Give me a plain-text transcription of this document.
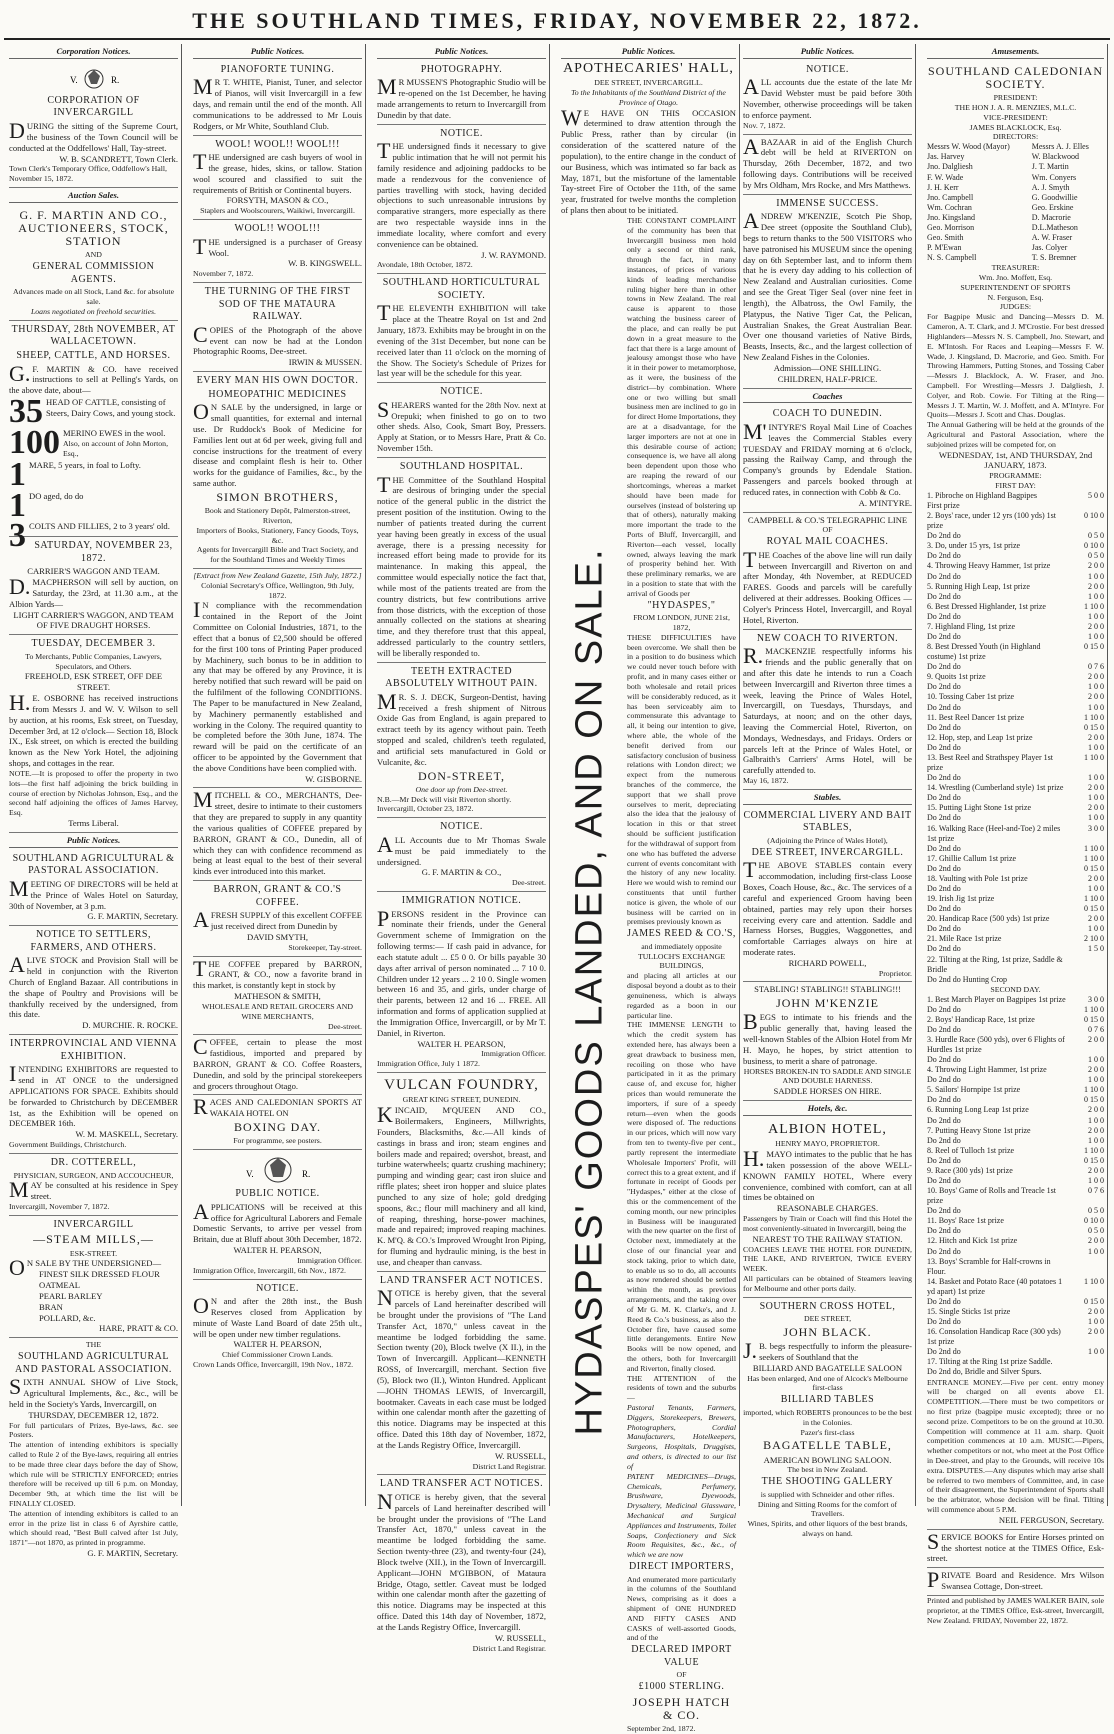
THE SOUTHLAND TIMES, FRIDAY, NOVEMBER 22, 1872.
Corporation Notices.
V.	R.
CORPORATION OF INVERCARGILL

DURING the sitting of the Supreme Court, the business of the Town Council will be conducted at the Oddfellows' Hall, Tay-street.

W. B. SCANDRETT, Town Clerk.
Town Clerk's Temporary Office, Oddfellow's Hall, November 15, 1872.
Auction Sales.
G. F. MARTIN AND CO., AUCTIONEERS, STOCK, STATION
AND
GENERAL COMMISSION AGENTS.
Advances made on all Stock, Land &c. for absolute sale.
Loans negotiated on freehold securities.
THURSDAY, 28th NOVEMBER, AT WALLACETOWN.
SHEEP, CATTLE, AND HORSES.

G.F. MARTIN & CO. have received instructions to sell at Pelling's Yards, on the above date, about—

35 HEAD OF CATTLE, consisting of Steers, Dairy Cows, and young stock.
100 MERINO EWES in the wool.
Also, on account of John Morton, Esq.,
1 MARE, 5 years, in foal to Lofty.
1 DO aged, do do
3 COLTS AND FILLIES, 2 to 3 years' old.
SATURDAY, NOVEMBER 23, 1872.
CARRIER'S WAGGON AND TEAM.

D.MACPHERSON will sell by auction, on Saturday, the 23rd, at 11.30 a.m., at the Albion Yards—

LIGHT CARRIER'S WAGGON, AND TEAM OF FIVE DRAUGHT HORSES.
TUESDAY, DECEMBER 3.
To Merchants, Public Companies, Lawyers, Speculators, and Others.
FREEHOLD, ESK STREET, OFF DEE STREET.

H.E. OSBORNE has received instructions from Messrs J. and W. V. Wilson to sell by auction, at his rooms, Esk street, on Tuesday, December 3rd, at 12 o'clock— Section 18, Block IX., Esk street, on which is erected the building known as the New York Hotel, the adjoining shops, and cottages in the rear.

NOTE.—It is proposed to offer the property in two lots—the first half adjoining the brick building in course of erection by Nicholas Johnson, Esq., and the second half adjoining the offices of James Harvey, Esq.

Terms Liberal.
Public Notices.
SOUTHLAND AGRICULTURAL & PASTORAL ASSOCIATION.

MEETING OF DIRECTORS will be held at the Prince of Wales Hotel on Saturday, 30th of November, at 3 p.m.

G. F. MARTIN, Secretary.
NOTICE TO SETTLERS, FARMERS, AND OTHERS.

ALIVE STOCK and Provision Stall will be held in conjunction with the Riverton Church of England Bazaar. All contributions in the shape of Poultry and Provisions will be thankfully received by the undersigned, from this date.

D. MURCHIE. R. ROCKE.
INTERPROVINCIAL AND VIENNA EXHIBITION.

INTENDING EXHIBITORS are requested to send in AT ONCE to the undersigned APPLICATIONS FOR SPACE. Exhibits should be forwarded to Christchurch by DECEMBER 1st, as the Exhibition will be opened on DECEMBER 16th.

W. M. MASKELL, Secretary.
Government Buildings, Christchurch.
DR. COTTERELL,
PHYSICIAN, SURGEON, AND ACCOUCHEUR,

MAY be consulted at his residence in Spey street.

Invercargill, November 7, 1872.
INVERCARGILL
—STEAM MILLS,—
ESK-STREET.
ON SALE BY THE UNDERSIGNED—
FINEST SILK DRESSED FLOUR
OATMEAL
PEARL BARLEY
BRAN
POLLARD, &c.
HARE, PRATT & CO.
THE
SOUTHLAND AGRICULTURAL AND PASTORAL ASSOCIATION.

SIXTH ANNUAL SHOW of Live Stock, Agricultural Implements, &c., &c., will be held in the Society's Yards, Invercargill, on

THURSDAY, DECEMBER 12, 1872.

For full particulars of Prizes, Bye-laws, &c. see Posters.

The attention of intending exhibitors is specially called to Rule 2 of the Bye-laws, requiring all entries to be made three clear days before the day of Show, which rule will be STRICTLY ENFORCED; entries therefore will be received up till 6 p.m. on Monday, December 9th, at which time the list will be FINALLY CLOSED.

The attention of intending exhibitors is called to an error in the prize list in class 6 of Ayrshire cattle, which should read, "Best Bull calved after 1st July, 1871"—not 1870, as printed in programme.

G. F. MARTIN, Secretary.
Public Notices.
PIANOFORTE TUNING.

MR T. WHITE, Pianist, Tuner, and selector of Pianos, will visit Invercargill in a few days, and remain until the end of the month. All communications to be addressed to Mr Louis Rodgers, or Mr White, Southland Club.

WOOL! WOOL!! WOOL!!!

THE undersigned are cash buyers of wool in the grease, hides, skins, or tallow. Station wool scoured and classified to suit the requirements of British or Continental buyers.

FORSYTH, MASON & CO.,
Staplers and Woolscourers, Waikiwi, Invercargill.
WOOL!! WOOL!!!

THE undersigned is a purchaser of Greasy Wool.

W. B. KINGSWELL.
November 7, 1872.
THE TURNING OF THE FIRST SOD OF THE MATAURA RAILWAY.

COPIES of the Photograph of the above event can now be had at the London Photographic Rooms, Dee-street.

IRWIN & MUSSEN.
EVERY MAN HIS OWN DOCTOR.
HOMEOPATHIC MEDICINES

ON SALE by the undersigned, in large or small quantities, for external and internal use. Dr Ruddock's Book of Medicine for Families lent out at 6d per week, giving full and concise instructions for the treatment of every disease and complaint flesh is heir to. Other works for the guidance of Families, &c., by the same author.

SIMON BROTHERS,
Book and Stationery Depôt, Palmerston-street, Riverton,
Importers of Books, Stationery, Fancy Goods, Toys, &c.
Agents for Invercargill Bible and Tract Society, and for the Southland Times and Weekly Times
[Extract from New Zealand Gazette, 15th July, 1872.]
Colonial Secretary's Office, Wellington, 9th July, 1872.

IN compliance with the recommendation contained in the Report of the Joint Committee on Colonial Industries, 1871, to the effect that a bonus of £2,500 should be offered for the first 100 tons of Printing Paper produced by Machinery, such bonus to be in addition to any that may be offered by any Province, it is hereby notified that such reward will be paid on the fulfilment of the following CONDITIONS. The Paper to be manufactured in New Zealand, by Machinery permanently established and working in the Colony. The required quantity to be completed before the 30th June, 1874. The reward will be paid on the certificate of an officer to be appointed by the Government that the above Conditions have been complied with.

W. GISBORNE.

MITCHELL & CO., MERCHANTS, Dee-street, desire to intimate to their customers that they are prepared to supply in any quantity the various qualities of COFFEE prepared by BARRON, GRANT & CO., Dunedin, all of which they can with confidence recommend as being at least equal to the best of their several kinds ever introduced into this market.

BARRON, GRANT & CO.'S COFFEE.

AFRESH SUPPLY of this excellent COFFEE just received direct from Dunedin by

DAVID SMYTH,
Storekeeper, Tay-street.

THE COFFEE prepared by BARRON, GRANT, & CO., now a favorite brand in this market, is constantly kept in stock by

MATHESON & SMITH,
WHOLESALE AND RETAIL GROCERS AND WINE MERCHANTS,
Dee-street.

COFFEE, certain to please the most fastidious, imported and prepared by BARRON, GRANT & CO. Coffee Roasters, Dunedin, and sold by the principal storekeepers and grocers throughout Otago.

RACES AND CALEDONIAN SPORTS AT WAKAIA HOTEL ON

BOXING DAY.
For programme, see posters.
V.	R.
PUBLIC NOTICE.

APPLICATIONS will be received at this office for Agricultural Laborers and Female Domestic Servants, to arrive per vessel from Britain, due at Bluff about 30th December, 1872.

WALTER H. PEARSON,
Immigration Officer.
Immigration Office, Invercargill, 6th Nov., 1872.
NOTICE.

ON and after the 28th inst., the Bush Reserves closed from Application by minute of Waste Land Board of date 25th ult., will be open under new timber regulations.

WALTER H. PEARSON,
Chief Commissioner Crown Lands.
Crown Lands Office, Invercargill, 19th Nov., 1872.
Public Notices.
PHOTOGRAPHY.

MR MUSSEN'S Photographic Studio will be re-opened on the 1st December, he having made arrangements to return to Invercargill from Dunedin by that date.

NOTICE.

THE undersigned finds it necessary to give public intimation that he will not permit his family residence and adjoining paddocks to be made a rendezvous for the convenience of parties travelling with stock, having decided objections to such unreasonable intrusions by comparative strangers, more especially as there are two respectable wayside inns in the immediate locality, where comfort and every convenience can be obtained.

J. W. RAYMOND.
Avondale, 18th October, 1872.
SOUTHLAND HORTICULTURAL SOCIETY.

THE ELEVENTH EXHIBITION will take place at the Theatre Royal on 1st and 2nd January, 1873. Exhibits may be brought in on the evening of the 31st December, but none can be received later than 11 o'clock on the morning of the Show. The Society's Schedule of Prizes for last year will be the schedule for this year.

NOTICE.

SHEARERS wanted for the 28th Nov. next at Orepuki; when finished to go on to two other sheds. Also, Cook, Smart Boy, Pressers. Apply at Station, or to Messrs Hare, Pratt & Co. November 15th.

SOUTHLAND HOSPITAL.

THE Committee of the Southland Hospital are desirous of bringing under the special notice of the general public in the district the present position of the institution. Owing to the number of patients treated during the current year having been greatly in excess of the usual average, there is a pressing necessity for increased effort being made to provide for its maintenance. In making this appeal, the committee would especially notice the fact that, while most of the patients treated are from the country districts, but few contributions arrive from those districts, with the exception of those annually collected on the stations at shearing time, and they therefore trust that this appeal, addressed particularly to the country settlers, will be liberally responded to.

TEETH EXTRACTED ABSOLUTELY WITHOUT PAIN.

MR. S. J. DECK, Surgeon-Dentist, having received a fresh shipment of Nitrous Oxide Gas from England, is again prepared to extract teeth by its agency without pain. Teeth stopped and scaled, children's teeth regulated, and artificial sets manufactured in Gold or Vulcanite, &c.

DON-STREET,
One door up from Dee-street.
N.B.—Mr Deck will visit Riverton shortly. Invercargill, October 23, 1872.
NOTICE.

ALL Accounts due to Mr Thomas Swale must be paid immediately to the undersigned.

G. F. MARTIN & CO.,
Dee-street.
IMMIGRATION NOTICE.

PERSONS resident in the Province can nominate their friends, under the General Government scheme of Immigration on the following terms:— If cash paid in advance, for each statute adult ... £5 0 0. Or bills payable 30 days after arrival of person nominated ... 7 10 0. Children under 12 years ... 2 10 0. Single women between 16 and 35, and girls, under charge of their parents, between 12 and 16 ... FREE. All information and forms of application supplied at the Immigration Office, Invercargill, or by Mr T. Daniel, in Riverton.

WALTER H. PEARSON,
Immigration Officer.
Immigration Office, July 1 1872.
VULCAN FOUNDRY,
GREAT KING STREET, DUNEDIN.

KINCAID, M'QUEEN AND CO., Boilermakers, Engineers, Millwrights, Founders, Blacksmiths, &c.—All kinds of castings in brass and iron; steam engines and boilers made and repaired; overshot, breast, and turbine waterwheels; quartz crushing machinery; pumping and winding gear; cast iron sluice and riffle plates; sheet iron hopper and sluice plates punched to any size of hole; gold dredging spoons, &c.; flour mill machinery and all kind, of reaping, threshing, horse-power machines, made and repaired; improved reaping machines. K. M'Q. & CO.'s Improved Wrought Iron Piping, for fluming and hydraulic mining, is the best in use, and cheaper than canvass.

LAND TRANSFER ACT NOTICES.

NOTICE is hereby given, that the several parcels of Land hereinafter described will be brought under the provisions of "The Land Transfer Act, 1870," unless caveat in the meantime be lodged forbidding the same. Section twenty (20), Block twelve (X II.), in the Town of Invercargill. Applicant—KENNETH ROSS, of Invercargill, merchant. Section five (5), Block two (II.), Winton Hundred. Applicant—JOHN THOMAS LEWIS, of Invercargill, bootmaker. Caveats in each case must be lodged within one calendar month after the gazetting of this notice. Diagrams may be inspected at this office. Dated this 18th day of November, 1872, at the Lands Registry Office, Invercargill.

W. RUSSELL,
District Land Registrar.
LAND TRANSFER ACT NOTICES.

NOTICE is hereby given, that the several parcels of Land hereinafter described will be brought under the provisions of "The Land Transfer Act, 1870," unless caveat in the meantime be lodged forbidding the same. Section twenty-three (23), and twenty-four (24), Block twelve (XII.), in the Town of Invercargill. Applicant—JOHN M'GIBBON, of Mataura Bridge, Otago, settler. Caveat must be lodged within one calendar month after the gazetting of this notice. Diagrams may be inspected at this office. Dated this 14th day of November, 1872, at the Lands Registry Office, Invercargill.

W. RUSSELL,
District Land Registrar.
Public Notices.
APOTHECARIES' HALL,
DEE STREET, INVERCARGILL.
To the Inhabitants of the Southland District of the Province of Otago.

WE HAVE ON THIS OCCASION determined to draw attention through the Public Press, rather than by circular (in consideration of the scattered nature of the population), to the entire change in the conduct of our Business, which was intimated so far back as May, 1871, but the misfortune of the lamentable Tay-street Fire of October the 11th, of the same year, frustrated for twelve months the completion of plans then about to be initiated.

THE CONSTANT COMPLAINT of the community has been that Invercargill business men hold only a second or third rank, through the fact, in many instances, of prices of various kinds of leading merchandise ruling higher here than in other towns in New Zealand. The real cause is apparent to those watching the business career of the place, and can really be put down in a great measure to the fact that there is a large amount of jealousy amongst those who have it in their power to metamorphose, as it were, the business of the district—by combination. Where one or two willing but small business men are inclined to go in for direct Home Importations, they are at a disadvantage, for the larger importers are not at one in this desirable course of action; consequence is, we have all along been dependent upon those who are reaping the reward of our shortcomings, whereas a market should have been made for ourselves (instead of bolstering up that of others), naturally making more important the trade to the Ports of Bluff, Invercargill, and Riverton—each vessel, locally owned, always leaving the mark of prosperity behind her. With these preliminary remarks, we are in a position to state that with the arrival of Goods per

"HYDASPES,"
FROM LONDON, JUNE 21st, 1872,

THESE DIFFICULTIES have been overcome. We shall then be in a position to do business which we could never touch before with profit, and in many cases either or both wholesale and retail prices will be considerably reduced, as it has been serviceably aim to commensurate this advantage to all, it being our intention to give, where able, the whole of the benefit derived from our satisfactory conclusion of business relations with London direct; we expect from the numerous branches of the commerce, the support that we shall prove ourselves to merit, depreciating also the idea that the jealousy of location in this or that street should be sufficient justification for the withdrawal of support from one who has buffeted the adverse current of events concomitant with the history of any new locality. Here we would wish to remind our constituents that until further notice is given, the whole of our business will be carried on in premises previously known as

JAMES REED & CO.'S,
and immediately opposite
TULLOCH'S EXCHANGE BUILDINGS,

and placing all articles at our disposal beyond a doubt as to their genuineness, which is always regarded as a boon in our particular line.

THE IMMENSE LENGTH to which the credit system has extended here, has always been a great drawback to business men, recoiling on those who have participated in it as the primary cause of, and excuse for, higher prices than would remunerate the importers, if sure of a speedy return—even when the goods were disposed of. The reductions in our prices, which will now vary from ten to twenty-five per cent., partly represent the intermediate Wholesale Importers' Profit, will correct this to a great extent, and if fortunate in receipt of Goods per "Hydaspes," either at the close of this or the commencement of the coming month, our new principles in Business will be inaugurated with the new quarter on the first of October next, immediately at the close of our financial year and stock taking, prior to which date, to enable us so to do, all accounts as now rendered should be settled within the month, as previous arrangements, and the taking over of Mr G. M. K. Clarke's, and J. Reed & Co.'s business, as also the October fire, have caused some little derangements. Entire New Books will be now opened, and the others, both for Invercargill and Riverton, finally closed.

THE ATTENTION of the residents of town and the suburbs—

Pastoral Tenants, Farmers, Diggers, Storekeepers, Brewers, Photographers, Cordial Manufacturers, Hotelkeepers, Surgeons, Hospitals, Druggists, and others, is directed to our list of

PATENT MEDICINES—Drugs, Chemicals, Perfumery, Brushware, Dyewoods, Drysaltery, Medicinal Glassware, Mechanical and Surgical Appliances and Instruments, Toilet Soaps, Confectionery and Sick Room Requisites, &c., &c., of which we are now

DIRECT IMPORTERS,

And enumerated more particularly in the columns of the Southland News, comprising as it does a shipment of ONE HUNDRED AND FIFTY CASES AND CASKS of well-assorted Goods, and of the

DECLARED IMPORT VALUE
OF
£1000 STERLING.
JOSEPH HATCH & CO.
September 2nd, 1872.
HYDASPES' GOODS LANDED, AND ON SALE.
Public Notices.
NOTICE.

ALL accounts due the estate of the late Mr David Webster must be paid before 30th November, otherwise proceedings will be taken to enforce payment.

Nov. 7, 1872.

ABAZAAR in aid of the English Church debt will be held at RIVERTON on Thursday, 26th December, 1872, and two following days. Contributions will be received by Mrs Oldham, Mrs Rocke, and Mrs Matthews.

IMMENSE SUCCESS.

ANDREW M'KENZIE, Scotch Pie Shop, Dee street (opposite the Southland Club), begs to return thanks to the 500 VISITORS who have patronised his MUSEUM since the opening day on 6th September last, and to inform them that he is every day adding to his collection of New Zealand and Australian curiosities. Come and see the Great Tiger Seal (over nine feet in length), the Albatross, the Owl Family, the Platypus, the Native Tiger Cat, the Pelican, Australian Snakes, the Great Australian Bear. Over one thousand varieties of Native Birds, Beasts, Insects, &c., and the largest collection of New Zealand Fishes in the Colonies.

Admission—ONE SHILLING.
CHILDREN, HALF-PRICE.
Coaches
COACH TO DUNEDIN.

M'INTYRE'S Royal Mail Line of Coaches leaves the Commercial Stables every TUESDAY and FRIDAY morning at 6 o'clock, passing the Railway Camp, and through the Company's grounds by Edendale Station. Passengers and parcels booked through at reduced rates, in connection with Cobb & Co.

A. M'INTYRE.
CAMPBELL & CO.'S TELEGRAPHIC LINE
OF
ROYAL MAIL COACHES.

THE Coaches of the above line will run daily between Invercargill and Riverton on and after Monday, 4th November, at REDUCED FARES. Goods and parcels will be carefully delivered at their addresses. Booking Offices — Colyer's Princess Hotel, Invercargill, and Royal Hotel, Riverton.

NEW COACH TO RIVERTON.

R.MACKENZIE respectfully informs his friends and the public generally that on and after this date he intends to run a Coach between Invercargill and Riverton three times a week, leaving the Prince of Wales Hotel, Invercargill, on Tuesdays, Thursdays, and Saturdays, at noon; and on the other days, leaving the Commercial Hotel, Riverton, on Mondays, Wednesdays, and Fridays. Orders or parcels left at the Prince of Wales Hotel, or Galbraith's Carriers' Arms Hotel, will be carefully attended to.

May 16, 1872.
Stables.
COMMERCIAL LIVERY AND BAIT STABLES,
(Adjoining the Prince of Wales Hotel),
DEE STREET, INVERCARGILL.

THE ABOVE STABLES contain every accommodation, including first-class Loose Boxes, Coach House, &c., &c. The services of a careful and experienced Groom having been obtained, parties may rely upon their horses receiving every care and attention. Saddle and Harness Horses, Buggies, Waggonettes, and comfortable Carriages always on hire at moderate rates.

RICHARD POWELL,
Proprietor.
STABLING! STABLING!! STABLING!!!
JOHN M'KENZIE

BEGS to intimate to his friends and the public generally that, having leased the well-known Stables of the Albion Hotel from Mr H. Mayo, he hopes, by strict attention to business, to merit a share of patronage.

HORSES BROKEN-IN TO SADDLE AND SINGLE AND DOUBLE HARNESS.
SADDLE HORSES ON HIRE.
Hotels, &c.
ALBION HOTEL,
HENRY MAYO, PROPRIETOR.

H.MAYO intimates to the public that he has taken possession of the above WELL-KNOWN FAMILY HOTEL, Where every convenience, combined with comfort, can at all times be obtained on

REASONABLE CHARGES.

Passengers by Train or Coach will find this Hotel the most conveniently-situated in Invercargill, being the

NEAREST TO THE RAILWAY STATION.

COACHES LEAVE THE HOTEL FOR DUNEDIN, THE LAKE, AND RIVERTON, TWICE EVERY WEEK.

All particulars can be obtained of Steamers leaving for Melbourne and other ports daily.

SOUTHERN CROSS HOTEL,
DEE STREET,
JOHN BLACK.

J.B. begs respectfully to inform the pleasure-seekers of Southland that the

BILLIARD AND BAGATELLE SALOON
Has been enlarged, And one of Alcock's Melbourne first-class
BILLIARD TABLES
imported, which ROBERTS pronounces to be the best in the Colonies.
Pazer's first-class
BAGATELLE TABLE,
AMERICAN BOWLING SALOON.
The best in New Zealand.
THE SHOOTING GALLERY
is supplied with Schneider and other rifles.
Dining and Sitting Rooms for the comfort of Travellers.
Wines, Spirits, and other liquors of the best brands, always on hand.
Amusements.
SOUTHLAND CALEDONIAN SOCIETY.
PRESIDENT:
THE HON J. A. R. MENZIES, M.L.C.
VICE-PRESIDENT:
JAMES BLACKLOCK, Esq.
DIRECTORS:
Messrs W. Wood (Mayor)	Messrs A. J. Elles
Jas. Harvey	W. Blackwood
Jno. Dalgliesh	J. T. Martin
F. W. Wade	Wm. Conyers
J. H. Kerr	A. J. Smyth
Jno. Campbell	G. Goodwillie
Wm. Cochran	Geo. Erskine
Jno. Kingsland	D. Macrorie
Geo. Morrison	D.L.Matheson
Geo. Smith	A. W. Fraser
P. M'Ewan	Jas. Colyer
N. S. Campbell	T. S. Bremner
TREASURER:
Wm. Jno. Moffett, Esq.
SUPERINTENDENT OF SPORTS
N. Ferguson, Esq.
JUDGES:

For Bagpipe Music and Dancing—Messrs D. M. Cameron, A. T. Clark, and J. M'Crostie. For best dressed Highlanders—Messrs N. S. Campbell, Jno. Stewart, and E. M'Intosh. For Races and Leaping—Messrs F. W. Wade, J. Kingsland, D. Macrorie, and Geo. Smith. For Throwing Hammers, Putting Stones, and Tossing Caber—Messrs J. Blacklock, A. W. Fraser, and Jno. Campbell. For Wrestling—Messrs J. Dalgliesh, J. Colyer, and Rob. Cowie. For Tilting at the Ring—Messrs J. T. Martin, W. J. Moffett, and A. M'Intyre. For Quoits—Messrs J. Scott and Chas. Douglas.

The Annual Gathering will be held at the grounds of the Agricultural and Pastoral Association, where the subjoined prizes will be competed for, on

WEDNESDAY, 1st, AND THURSDAY, 2nd JANUARY, 1873.
PROGRAMME:
FIRST DAY:
1. Pibroche on Highland Bagpipes	5 0 0
First prize	
2. Boys' race, under 12 yrs (100 yds) 1st prize	0 10 0
Do 2nd do	0 5 0
3. Do, under 15 yrs, 1st prize	0 10 0
Do 2nd do	0 5 0
4. Throwing Heavy Hammer, 1st prize	2 0 0
Do 2nd do	1 0 0
5. Running High Leap, 1st prize	2 0 0
Do 2nd do	1 0 0
6. Best Dressed Highlander, 1st prize	1 10 0
Do 2nd do	1 0 0
7. Highland Fling, 1st prize	2 0 0
Do 2nd do	1 0 0
8. Best Dressed Youth (in Highland costume) 1st prize	0 15 0
Do 2nd do	0 7 6
9. Quoits 1st prize	2 0 0
Do 2nd do	1 0 0
10. Tossing Caber 1st prize	2 0 0
Do 2nd do	1 0 0
11. Best Reel Dancer 1st prize	1 10 0
Do 2nd do	0 15 0
12. Hop, step, and Leap 1st prize	2 0 0
Do 2nd do	1 0 0
13. Best Reel and Strathspey Player 1st prize	1 10 0
Do 2nd do	1 0 0
14. Wrestling (Cumberland style) 1st prize	2 0 0
Do 2nd do	1 0 0
15. Putting Light Stone 1st prize	2 0 0
Do 2nd do	1 0 0
16. Walking Race (Heel-and-Toe) 2 miles 1st prize	3 0 0
Do 2nd do	1 10 0
17. Ghillie Callum 1st prize	1 10 0
Do 2nd do	0 15 0
18. Vaulting with Pole 1st prize	2 0 0
Do 2nd do	1 0 0
19. Irish Jig 1st prize	1 10 0
Do 2nd do	0 15 0
20. Handicap Race (500 yds) 1st prize	2 0 0
Do 2nd do	1 0 0
21. Mile Race 1st prize	2 10 0
Do 2nd do	1 5 0
22. Tilting at the Ring, 1st prize, Saddle & Bridle	
Do 2nd do Hunting Crop	
SECOND DAY.
1. Best March Player on Bagpipes 1st prize	3 0 0
Do 2nd do	1 10 0
2. Boys' Handicap Race, 1st prize	0 15 0
Do 2nd do	0 7 6
3. Hurdle Race (500 yds), over 6 Flights of Hurdles 1st prize	2 0 0
Do 2nd do	1 0 0
4. Throwing Light Hammer, 1st prize	2 0 0
Do 2nd do	1 0 0
5. Sailors' Hornpipe 1st prize	1 10 0
Do 2nd do	0 15 0
6. Running Long Leap 1st prize	2 0 0
Do 2nd do	1 0 0
7. Putting Heavy Stone 1st prize	2 0 0
Do 2nd do	1 0 0
8. Reel of Tulloch 1st prize	1 10 0
Do 2nd do	0 15 0
9. Race (300 yds) 1st prize	2 0 0
Do 2nd do	1 0 0
10. Boys' Game of Rolls and Treacle 1st prize	0 7 6
Do 2nd do	0 5 0
11. Boys' Race 1st prize	0 10 0
Do 2nd do	0 5 0
12. Hitch and Kick 1st prize	2 0 0
Do 2nd do	1 0 0
13. Boys' Scramble for Half-crowns in Flour.	
14. Basket and Potato Race (40 potatoes 1 yd apart) 1st prize	1 10 0
Do 2nd do	0 15 0
15. Single Sticks 1st prize	2 0 0
Do 2nd do	1 0 0
16. Consolation Handicap Race (300 yds) 1st prize	2 0 0
Do 2nd do	1 0 0
17. Tilting at the Ring 1st prize Saddle.	
Do 2nd do, Bridle and Silver Spurs.	

ENTRANCE MONEY.—Five per cent. entry money will be charged on all events above £1. COMPETITION.—There must be two competitors or no first prize (bagpipe music excepted); three or no second prize. Competitors to be on the ground at 10.30. Competition will commence at 11 a.m. sharp. Quoit competition commences at 10 a.m. MUSIC.—Pipers, whether competitors or not, who meet at the Post Office in Dee-street, and play to the Grounds, will receive 10s extra. DISPUTES.—Any disputes which may arise shall be referred to two members of Committee, and, in case of their disagreement, the Superintendent of Sports shall be the arbitrator, whose decision will be final. Tilting will commence about 5 P.M.

NEIL FERGUSON, Secretary.

SERVICE BOOKS for Entire Horses printed on the shortest notice at the TIMES Office, Esk-street.

PRIVATE Board and Residence. Mrs Wilson Swansea Cottage, Don-street.

Printed and published by JAMES WALKER BAIN, sole proprietor, at the TIMES Office, Esk-street, Invercargill, New Zealand. FRIDAY, November 22, 1872.
